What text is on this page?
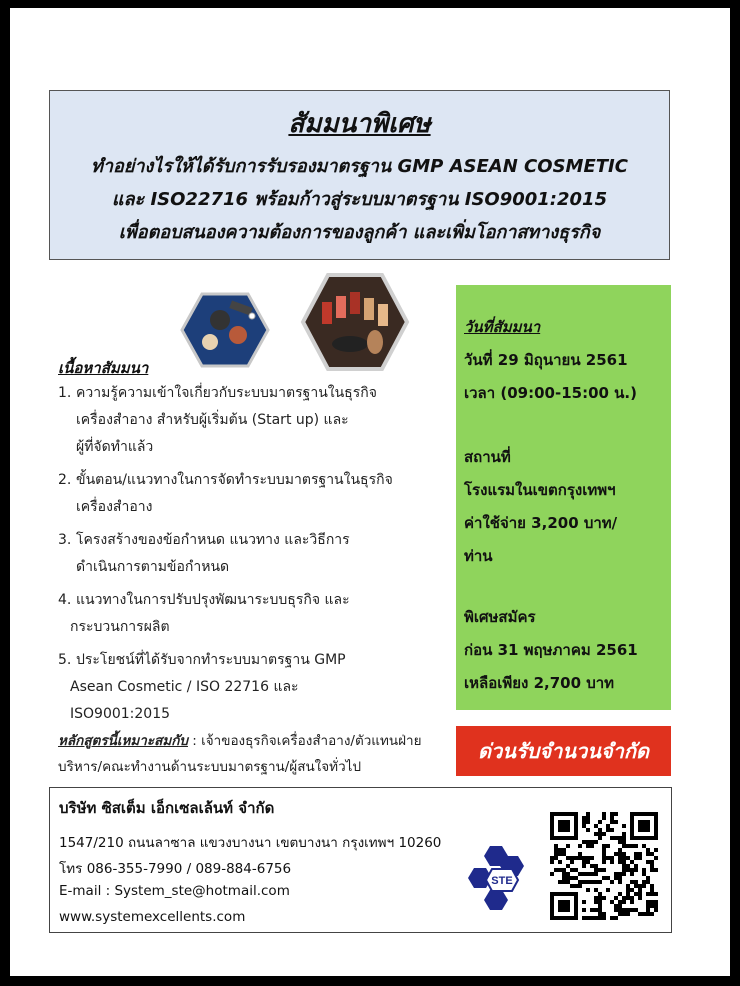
สัมมนาพิเศษ
ทำอย่างไรให้ได้รับการรับรองมาตรฐาน GMP ASEAN COSMETIC
และ ISO22716 พร้อมก้าวสู่ระบบมาตรฐาน ISO9001:2015
เพื่อตอบสนองความต้องการของลูกค้า และเพิ่มโอกาสทางธุรกิจ
เนื้อหาสัมมนา
1. ความรู้ความเข้าใจเกี่ยวกับระบบมาตรฐานในธุรกิจ
เครื่องสำอาง สำหรับผู้เริ่มต้น (Start up) และ
ผู้ที่จัดทำแล้ว
2. ขั้นตอน/แนวทางในการจัดทำระบบมาตรฐานในธุรกิจ
เครื่องสำอาง
3. โครงสร้างของข้อกำหนด แนวทาง และวิธีการ
ดำเนินการตามข้อกำหนด
4. แนวทางในการปรับปรุงพัฒนาระบบธุรกิจ และ
กระบวนการผลิต
5. ประโยชน์ที่ได้รับจากทำระบบมาตรฐาน GMP
Asean Cosmetic / ISO 22716 และ
ISO9001:2015
วันที่สัมมนา
วันที่ 29 มิถุนายน 2561
เวลา (09:00-15:00 น.)
สถานที่
โรงแรมในเขตกรุงเทพฯ
ค่าใช้จ่าย 3,200 บาท/
ท่าน
พิเศษสมัคร
ก่อน 31 พฤษภาคม 2561
เหลือเพียง 2,700 บาท
หลักสูตรนี้เหมาะสมกับ : เจ้าของธุรกิจเครื่องสำอาง/ตัวแทนฝ่าย
บริหาร/คณะทำงานด้านระบบมาตรฐาน/ผู้สนใจทั่วไป
ด่วนรับจำนวนจำกัด
บริษัท ซิสเต็ม เอ็กเซลเล้นท์ จำกัด
1547/210 ถนนลาซาล แขวงบางนา เขตบางนา กรุงเทพฯ 10260
โทร 086-355-7990 / 089-884-6756
E-mail : System_ste@hotmail.com
www.systemexcellents.com
STE
